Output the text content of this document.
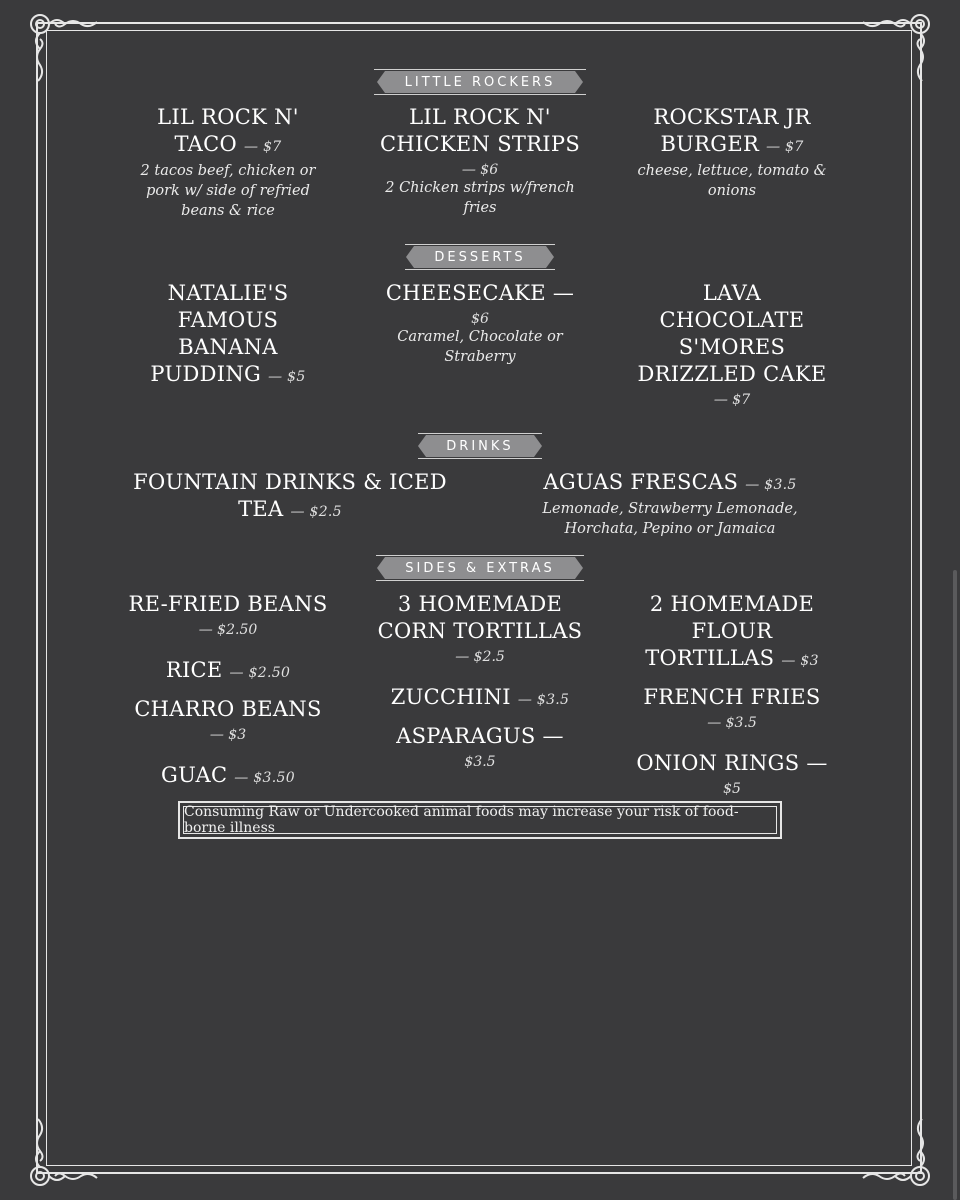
LITTLE ROCKERS
LIL ROCK N'
TACO — $7
2 tacos beef, chicken or
pork w/ side of refried
beans & rice
LIL ROCK N'
CHICKEN STRIPS
— $6
2 Chicken strips w/french
fries
ROCKSTAR JR
BURGER — $7
cheese, lettuce, tomato &
onions
DESSERTS
NATALIE'S
FAMOUS
BANANA
PUDDING — $5
CHEESECAKE —
$6
Caramel, Chocolate or
Straberry
LAVA
CHOCOLATE
S'MORES
DRIZZLED CAKE
— $7
DRINKS
FOUNTAIN DRINKS & ICED
TEA — $2.5
AGUAS FRESCAS — $3.5
Lemonade, Strawberry Lemonade,
Horchata, Pepino or Jamaica
SIDES & EXTRAS
RE-FRIED BEANS
— $2.50
RICE — $2.50
CHARRO BEANS
— $3
GUAC — $3.50
3 HOMEMADE
CORN TORTILLAS
— $2.5
ZUCCHINI — $3.5
ASPARAGUS —
$3.5
2 HOMEMADE
FLOUR
TORTILLAS — $3
FRENCH FRIES
— $3.5
ONION RINGS —
$5
Consuming Raw or Undercooked animal foods may increase your risk of food-borne illness
